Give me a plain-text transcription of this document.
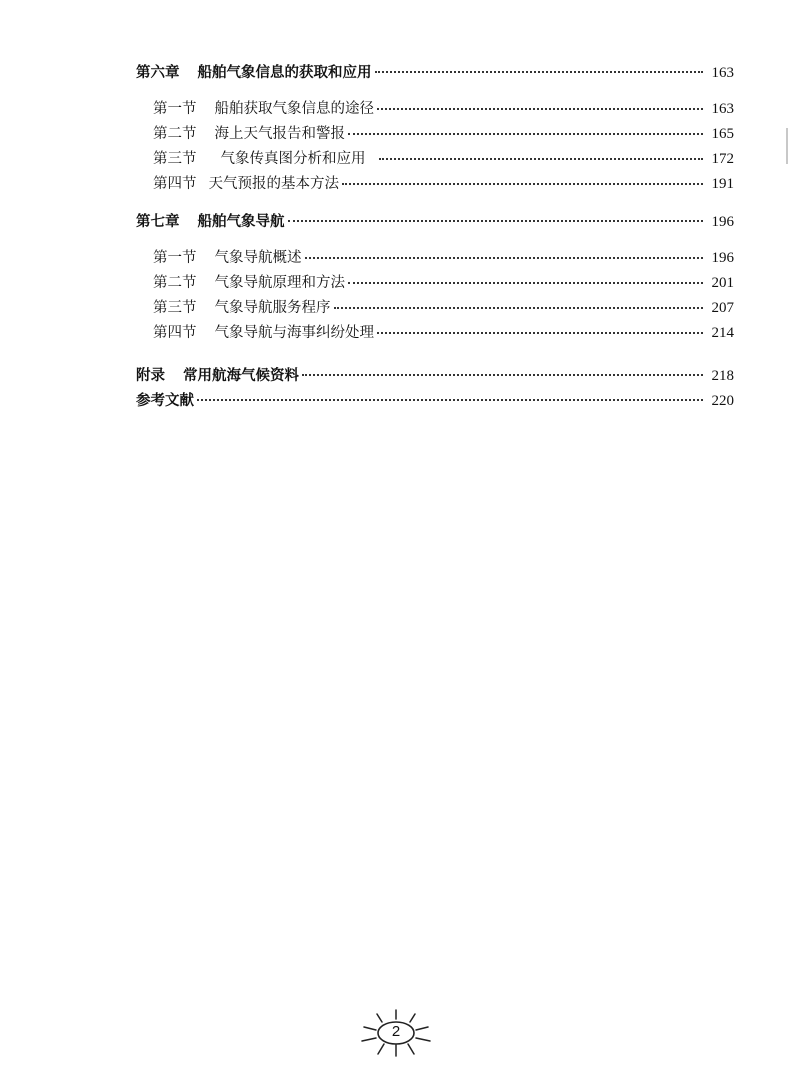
第六章 船舶气象信息的获取和应用	163
第一节 船舶获取气象信息的途径	163
第二节 海上天气报告和警报	165
第三节 气象传真图分析和应用	172
第四节 天气预报的基本方法	191
第七章 船舶气象导航	196
第一节 气象导航概述	196
第二节 气象导航原理和方法	201
第三节 气象导航服务程序	207
第四节 气象导航与海事纠纷处理	214
附录 常用航海气候资料	218
参考文献	220
2
